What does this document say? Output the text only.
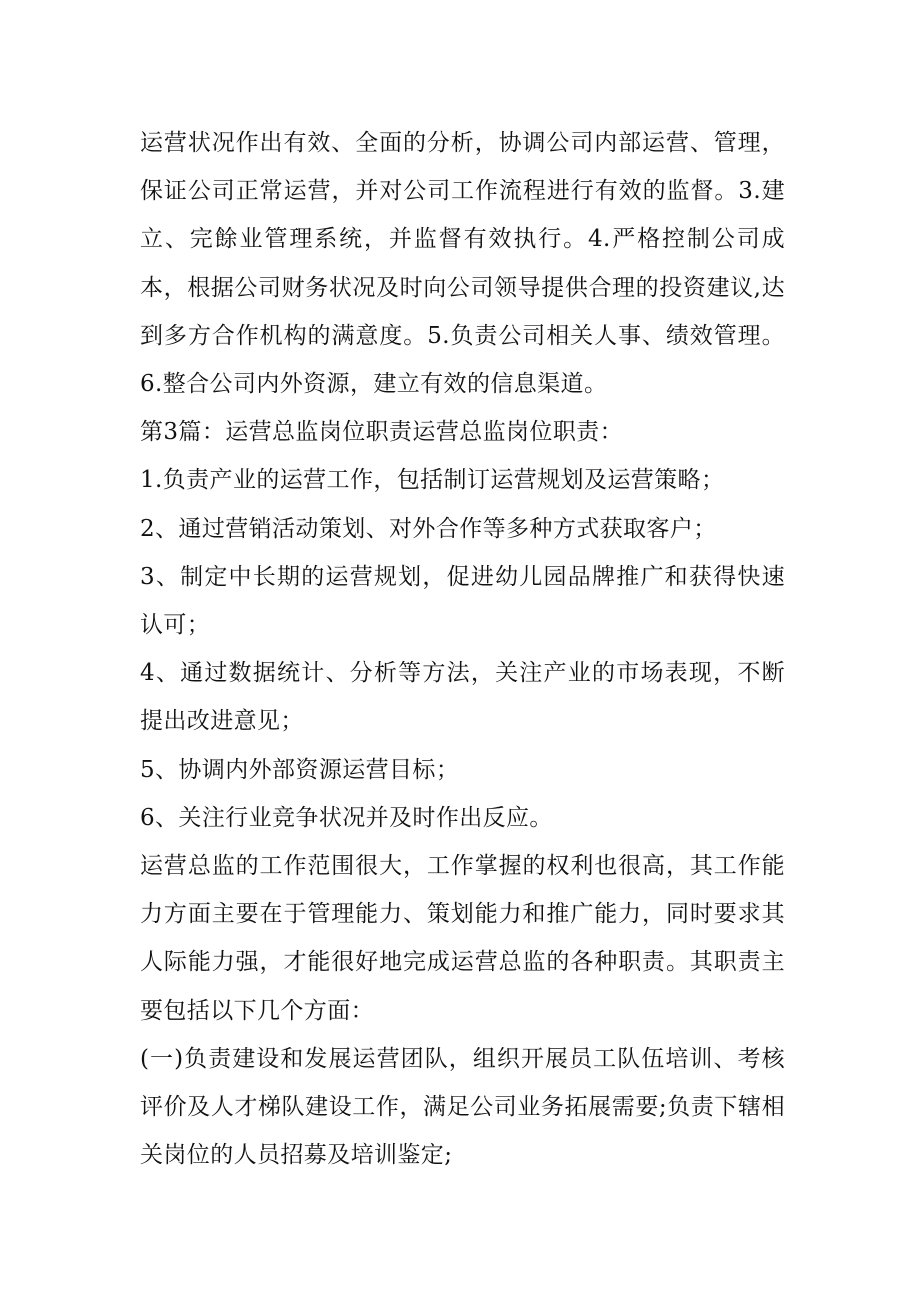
运营状况作出有效、全面的分析，协调公司内部运营、管理，保证公司正常运营，并对公司工作流程进行有效的监督。3.建立、完餘业管理系统，并监督有效执行。4.严格控制公司成本，根据公司财务状况及时向公司领导提供合理的投资建议,达到多方合作机构的满意度。5.负责公司相关人事、绩效管理。6.整合公司内外资源，建立有效的信息渠道。

第3篇：运营总监岗位职责运营总监岗位职责：

1.负责产业的运营工作，包括制订运营规划及运营策略；

2、通过营销活动策划、对外合作等多种方式获取客户；

3、制定中长期的运营规划，促进幼儿园品牌推广和获得快速认可；

4、通过数据统计、分析等方法，关注产业的市场表现，不断提出改进意见；

5、协调内外部资源运营目标；

6、关注行业竞争状况并及时作出反应。

运营总监的工作范围很大，工作掌握的权利也很高，其工作能力方面主要在于管理能力、策划能力和推广能力，同时要求其人际能力强，才能很好地完成运营总监的各种职责。其职责主要包括以下几个方面：

(一)负责建设和发展运营团队，组织开展员工队伍培训、考核评价及人才梯队建设工作，满足公司业务拓展需要;负责下辖相关岗位的人员招募及培训鉴定;
